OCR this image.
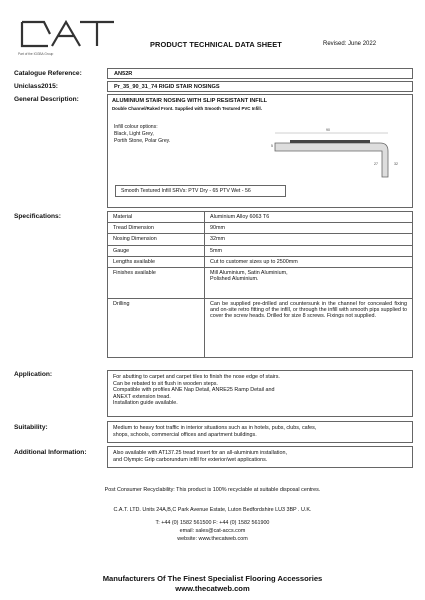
Part of the IGGBA Group
PRODUCT TECHNICAL DATA SHEET	Revised: June 2022
Catalogue Reference:	AN52R
Uniclass2015:	Pr_35_90_31_74 RIGID STAIR NOSINGS
General Description:	ALUMINIUM STAIR NOSING WITH SLIP RESISTANT INFILL
Double Channel/Raked Front. Supplied with Smooth Textured PVC Infill.
Infill colour options:
Black, Light Grey,
Portih Stone, Polar Grey.
90
5
27	32
Smooth Textured Infill SRVs: PTV Dry - 65 PTV Wet - 56
Specifications:	Material	Aluminium Alloy 6063 T6
Tread Dimension	90mm
Nosing Dimension	32mm
Gauge	5mm
Lengths available	Cut to customer sizes up to 2500mm
Finishes available	Mill Aluminium, Satin Aluminium,
Polished Aluminium.
Drilling	Can be supplied pre-drilled and countersunk in the channel for concealed fixing and on-site retro fitting of the infill, or through the infill with smooth pips supplied to cover the screw heads. Drilled for size 8 screws. Fixings not supplied.
Application:	For abutting to carpet and carpet tiles to finish the nose edge of stairs.
Can be rebated to sit flush in wooden steps.
Compatible with profiles ANE Nap Detail, ANRE25 Ramp Detail and
ANEXT extension tread.
Installation guide available.
Suitability:	Medium to heavy foot traffic in interior situations such as in hotels, pubs, clubs, cafes,
shops, schools, commercial offices and apartment buildings.
Additional Information:	Also available with AT137.25 tread insert for an all-aluminium installation,
and Olympic Grip carborundum infill for exterior/wet applications.
Post Consumer Recyclability: This product is 100% recyclable at suitable disposal centres.
C.A.T. LTD. Units 24A,B,C Park Avenue Estate, Luton Bedfordshire LU3 3BP . U.K.
T: +44 (0) 1582 561500 F: +44 (0) 1582 561900
email: sales@cat-accs.com
website: www.thecatweb.com
Manufacturers Of The Finest Specialist Flooring Accessories
www.thecatweb.com
